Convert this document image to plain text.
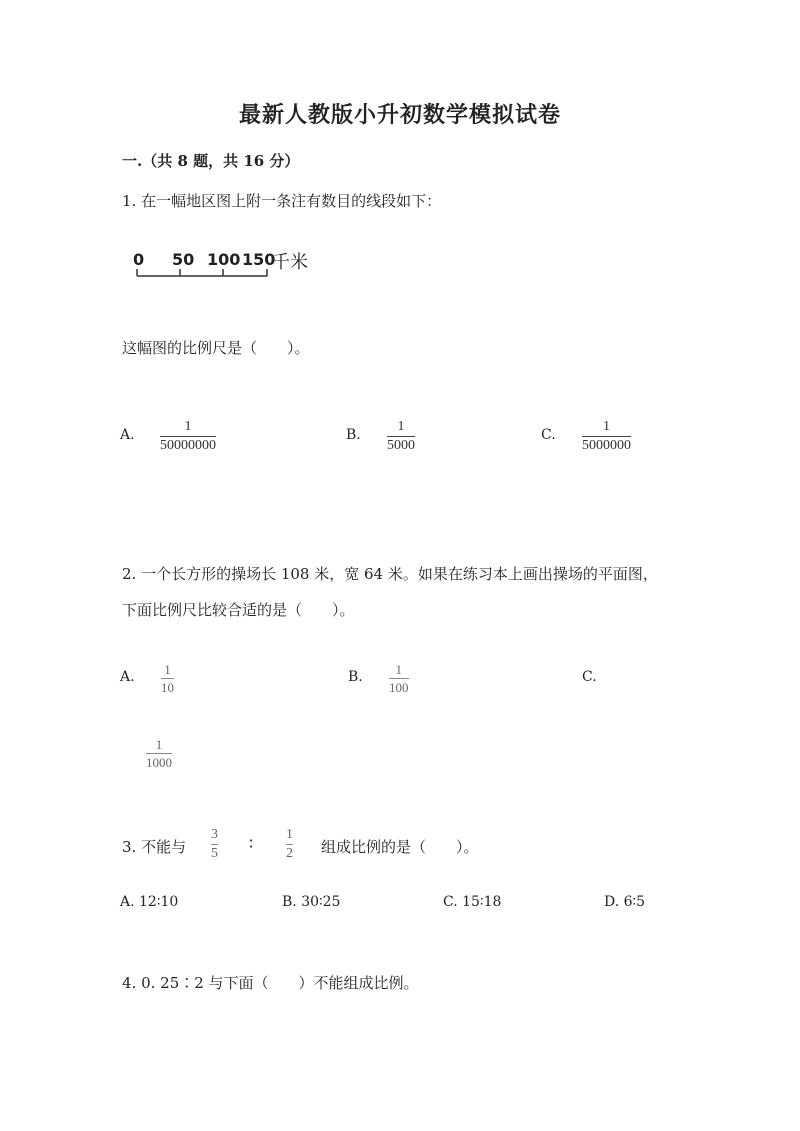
最新人教版小升初数学模拟试卷
一.（共 8 题，共 16 分）
1. 在一幅地区图上附一条注有数目的线段如下：
0 50 100 150
千米
这幅图的比例尺是（　　）。
A.
1
50000000
B.
1
5000
C.
1
5000000
2. 一个长方形的操场长 108 米，宽 64 米。如果在练习本上画出操场的平面图，
下面比例尺比较合适的是（　　）。
A. 1
10
B.	1
100
C.
1
1000
3. 不能与
3
5
∶ 1
2 组成比例的是（　　）。
A. 12∶10	B. 30∶25	C. 15∶18	D. 6∶5
4. 0. 25∶2 与下面（　　）不能组成比例。
